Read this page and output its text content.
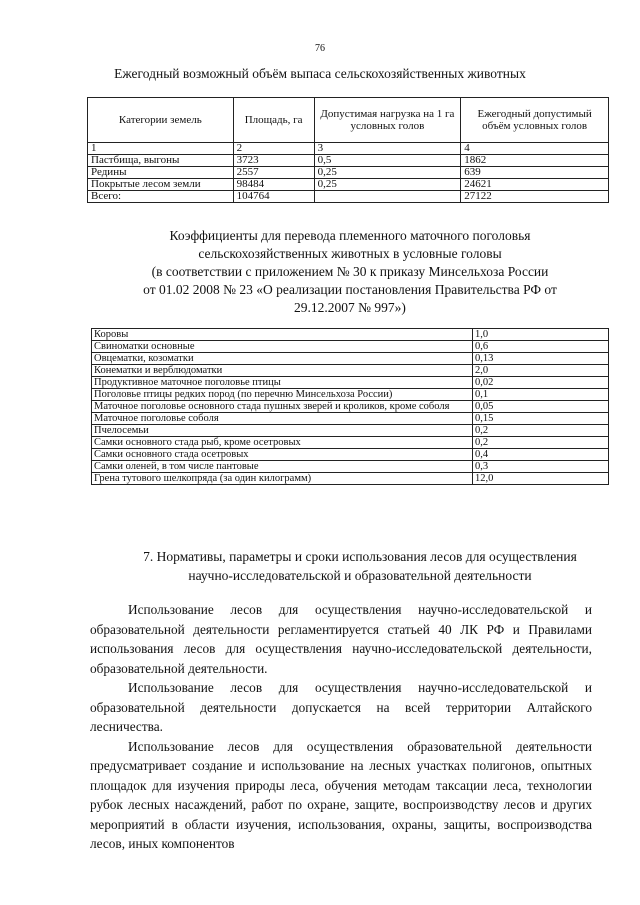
76
Ежегодный возможный объём выпаса сельскохозяйственных животных
Категории земель	Площадь, га	Допустимая нагрузка на 1 га условных голов	Ежегодный допустимый объём условных голов
1	2	3	4
Пастбища, выгоны	3723	0,5	1862
Редины	2557	0,25	639
Покрытые лесом земли	98484	0,25	24621
Всего:	104764		27122
Коэффициенты для перевода племенного маточного поголовья
сельскохозяйственных животных в условные головы
(в соответствии с приложением № 30 к приказу Минсельхоза России
от 01.02 2008 № 23 «О реализации постановления Правительства РФ от
29.12.2007 № 997»)
Коровы	1,0
Свиноматки основные	0,6
Овцематки, козоматки	0,13
Конематки и верблюдоматки	2,0
Продуктивное маточное поголовье птицы	0,02
Поголовье птицы редких пород (по перечню Минсельхоза России)	0,1
Маточное поголовье основного стада пушных зверей и кроликов, кроме соболя	0,05
Маточное поголовье соболя	0,15
Пчелосемьи	0,2
Самки основного стада рыб, кроме осетровых	0,2
Самки основного стада осетровых	0,4
Самки оленей, в том числе пантовые	0,3
Грена тутового шелкопряда (за один килограмм)	12,0
7. Нормативы, параметры и сроки использования лесов для осуществления
научно-исследовательской и образовательной деятельности

Использование лесов для осуществления научно-исследовательской и образовательной деятельности регламентируется статьей 40 ЛК РФ и Правилами использования лесов для осуществления научно-исследовательской деятельности, образовательной деятельности.

Использование лесов для осуществления научно-исследовательской и образовательной деятельности допускается на всей территории Алтайского лесничества.

Использование лесов для осуществления образовательной деятельности предусматривает создание и использование на лесных участках полигонов, опытных площадок для изучения природы леса, обучения методам таксации леса, технологии рубок лесных насаждений, работ по охране, защите, воспроизводству лесов и других мероприятий в области изучения, использования, охраны, защиты, воспроизводства лесов, иных компонентов
